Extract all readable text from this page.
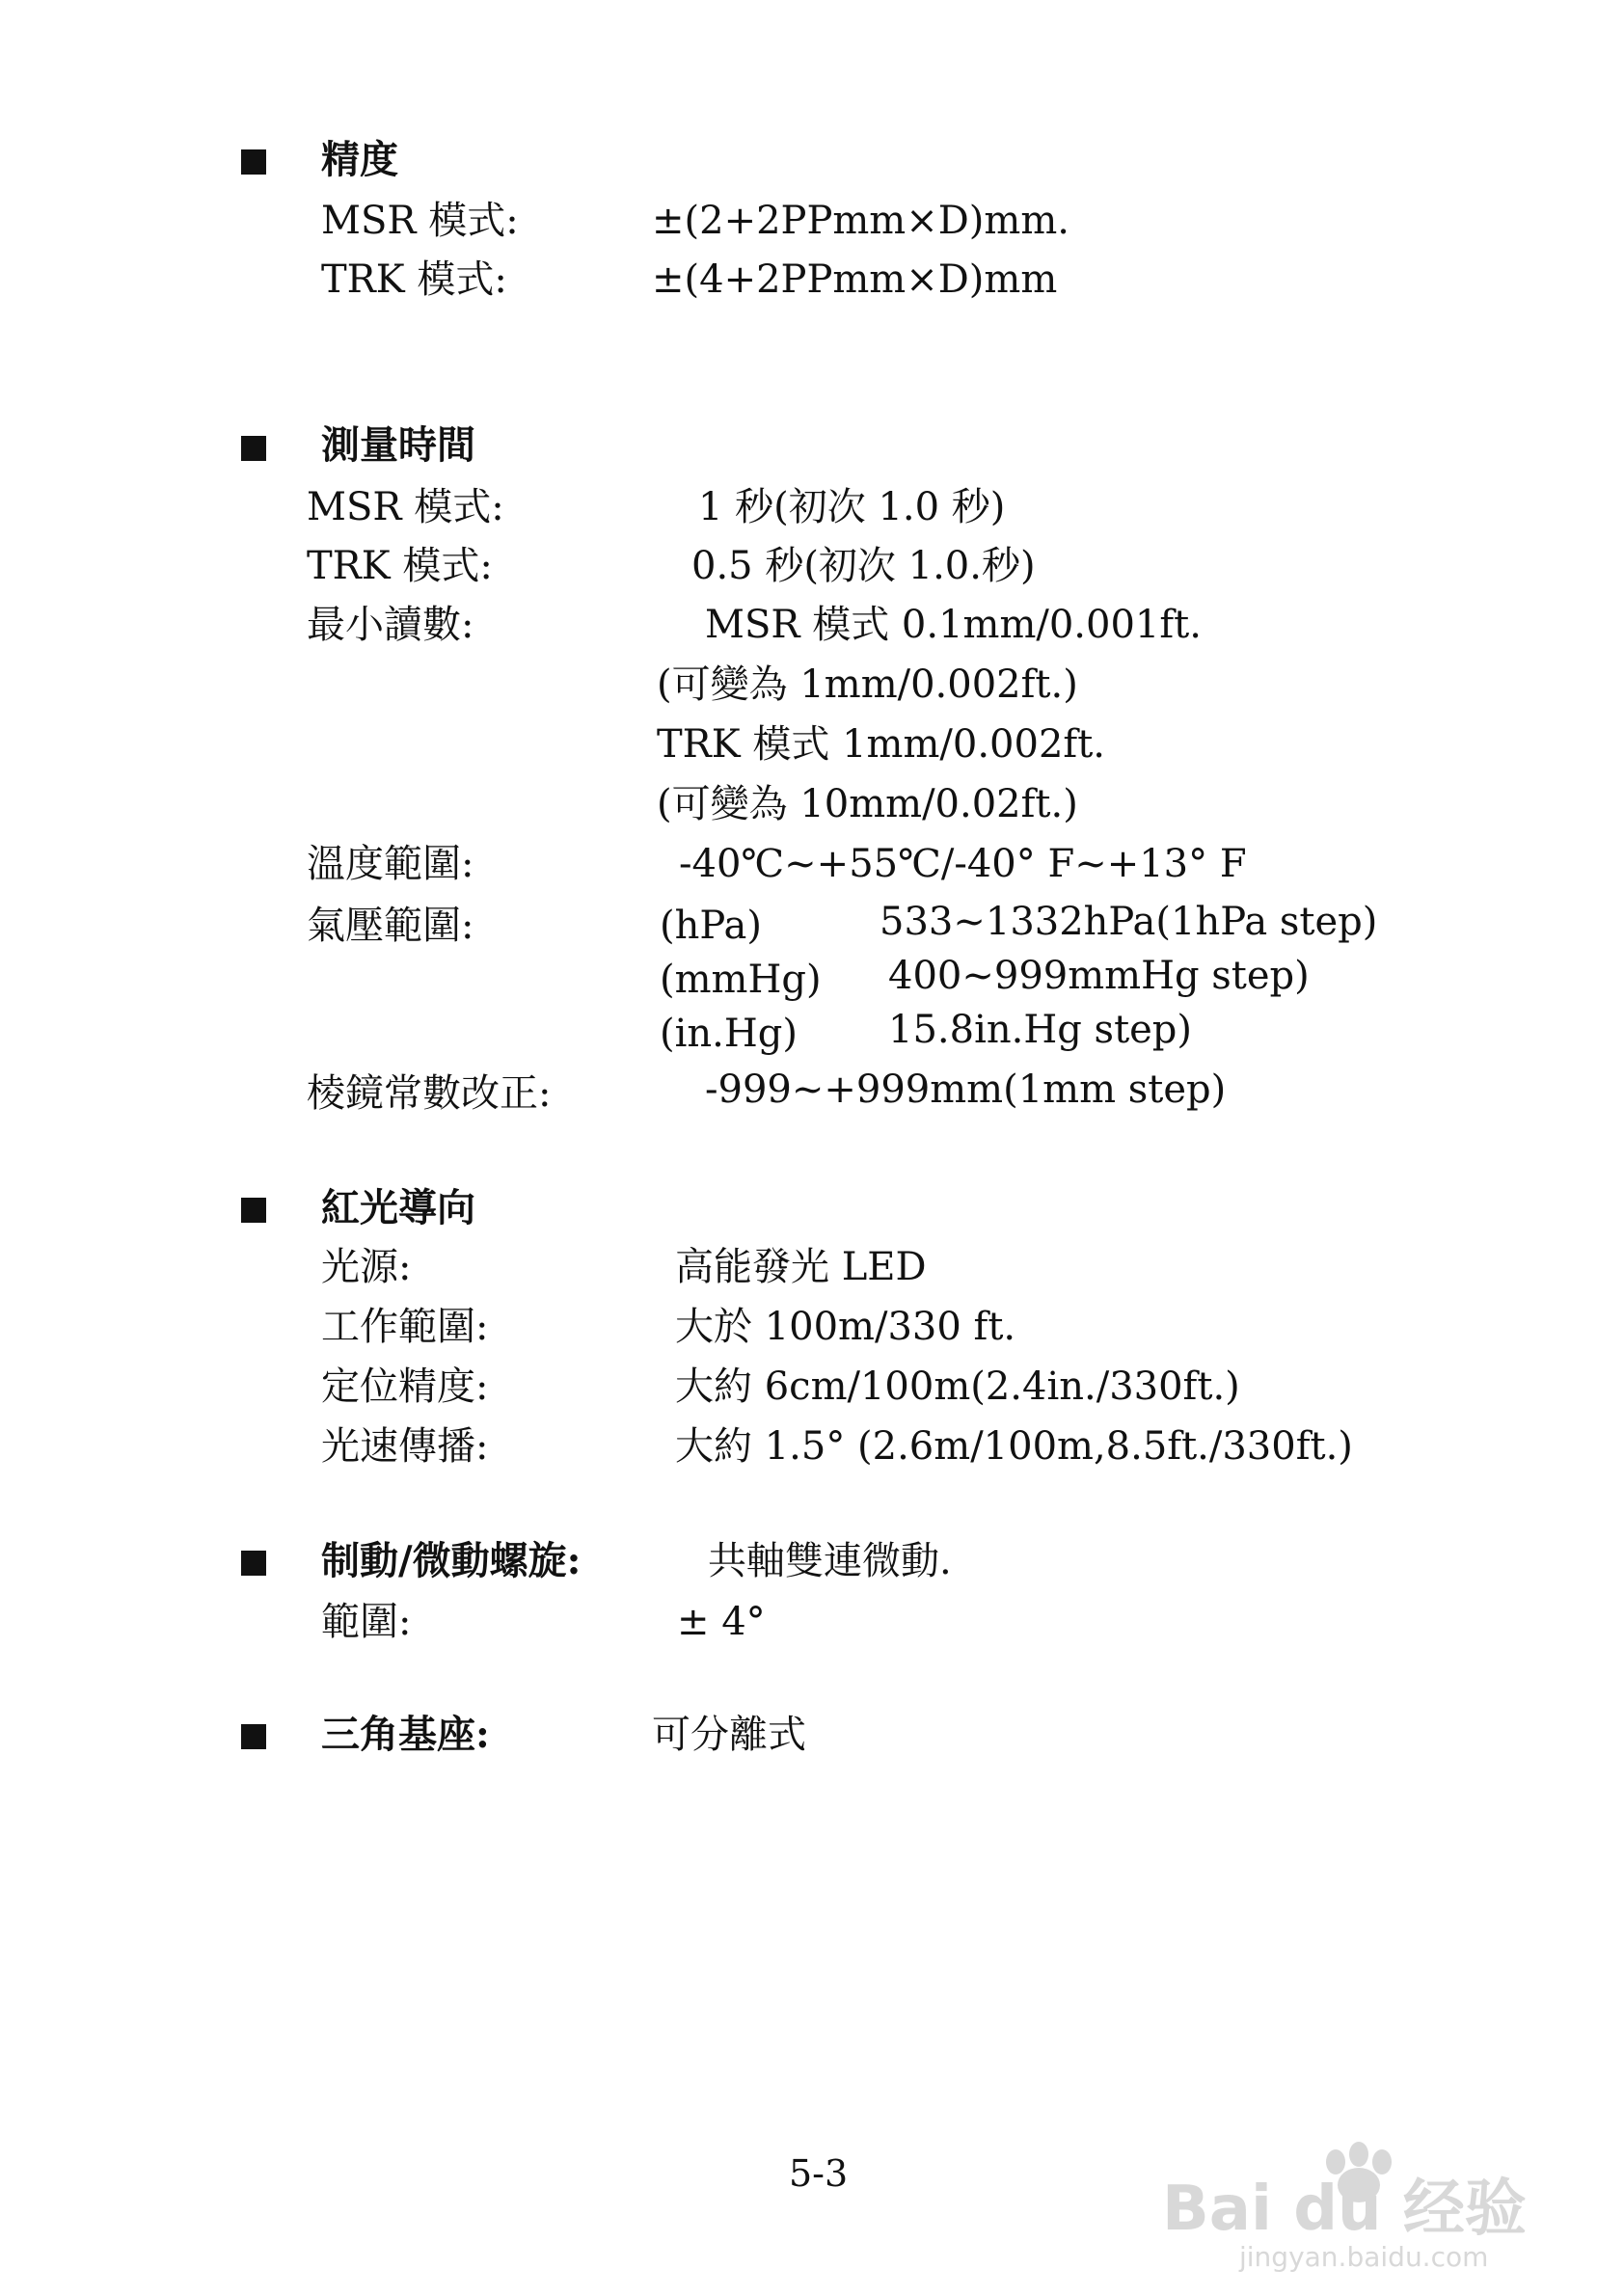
精度
MSR 模式:	±(2+2PPmm×D)mm.
TRK 模式:	±(4+2PPmm×D)mm
測量時間
MSR 模式:	1 秒(初次 1.0 秒)
TRK 模式:	0.5 秒(初次 1.0.秒)
最小讀數:	MSR 模式 0.1mm/0.001ft.
(可變為 1mm/0.002ft.)
TRK 模式 1mm/0.002ft.
(可變為 10mm/0.02ft.)
溫度範圍:	-40℃~+55℃/-40° F~+13° F
氣壓範圍:	(hPa)	533~1332hPa(1hPa step)
(mmHg) 400~999mmHg step)
(in.Hg) 15.8in.Hg step)
棱鏡常數改正:	-999~+999mm(1mm step)
紅光導向
光源:	高能發光 LED
工作範圍:	大於 100m/330 ft.
定位精度:	大約 6cm/100m(2.4in./330ft.)
光速傳播:	大約 1.5° (2.6m/100m,8.5ft./330ft.)
制動/微動螺旋:	共軸雙連微動.
範圍:	± 4°
三角基座:	可分離式
5-3	Bai du 经验
jingyan.baidu.com
